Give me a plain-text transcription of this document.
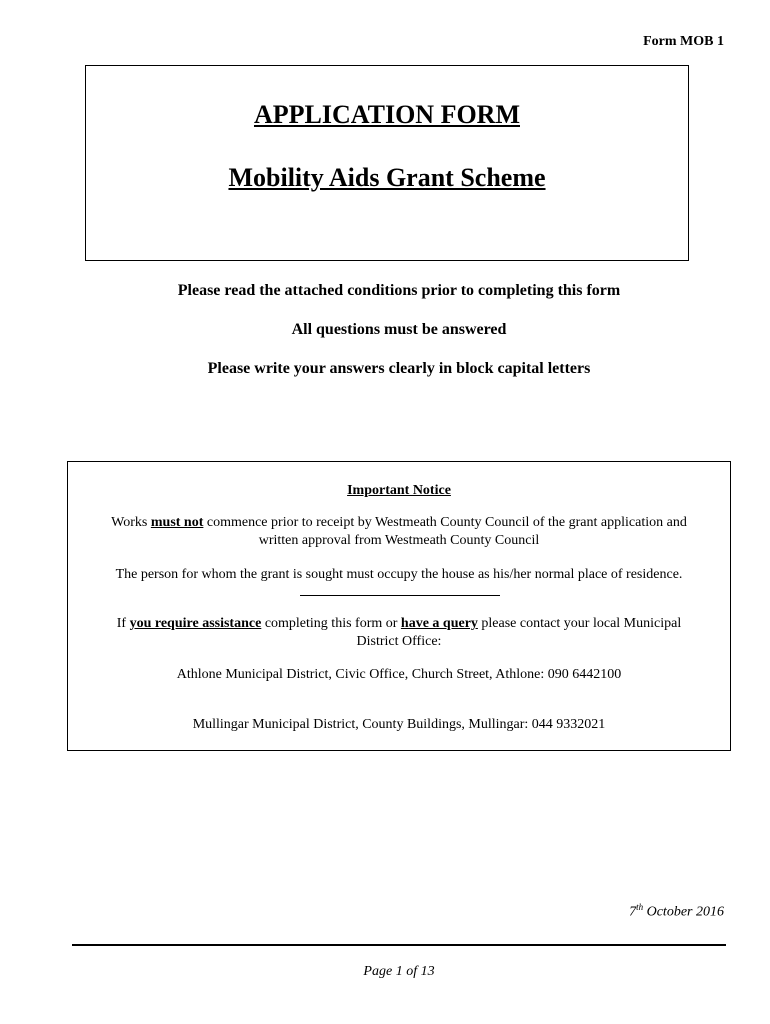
Form MOB 1
APPLICATION FORM
Mobility Aids Grant Scheme
Please read the attached conditions prior to completing this form
All questions must be answered
Please write your answers clearly in block capital letters
Important Notice
Works must not commence prior to receipt by Westmeath County Council of the grant application and
written approval from Westmeath County Council
The person for whom the grant is sought must occupy the house as his/her normal place of residence.
If you require assistance completing this form or have a query please contact your local Municipal
District Office:
Athlone Municipal District, Civic Office, Church Street, Athlone: 090 6442100
Mullingar Municipal District, County Buildings, Mullingar: 044 9332021
7th October 2016
Page 1 of 13
